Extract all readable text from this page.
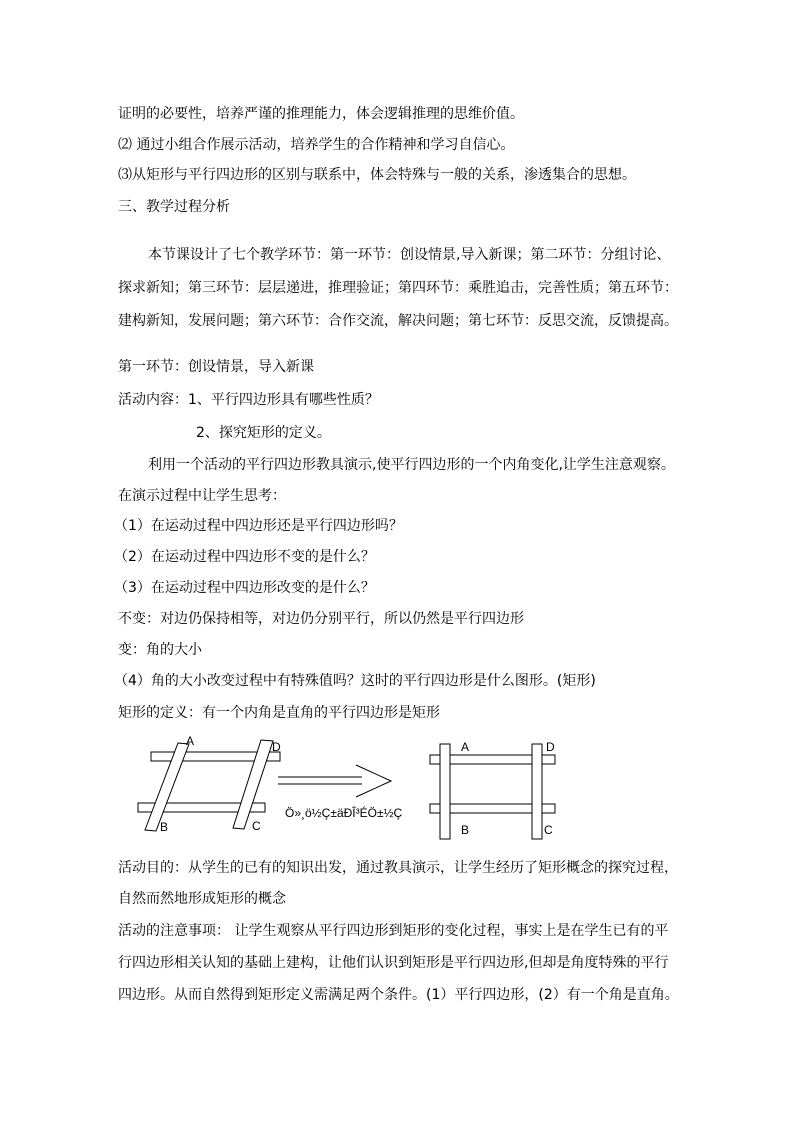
证明的必要性，培养严谨的推理能力，体会逻辑推理的思维价值。
⑵ 通过小组合作展示活动，培养学生的合作精神和学习自信心。
⑶从矩形与平行四边形的区别与联系中，体会特殊与一般的关系，渗透集合的思想。
三、教学过程分析
本节课设计了七个教学环节：第一环节：创设情景,导入新课；第二环节：分组讨论、
探求新知；第三环节：层层递进，推理验证；第四环节：乘胜追击，完善性质；第五环节：
建构新知，发展问题；第六环节：合作交流，解决问题；第七环节：反思交流，反馈提高。
第一环节：创设情景，导入新课
活动内容：1、平行四边形具有哪些性质？
2、探究矩形的定义。
利用一个活动的平行四边形教具演示,使平行四边形的一个内角变化,让学生注意观察。
在演示过程中让学生思考：
（1）在运动过程中四边形还是平行四边形吗？
（2）在运动过程中四边形不变的是什么？
（3）在运动过程中四边形改变的是什么？
不变：对边仍保持相等，对边仍分别平行，所以仍然是平行四边形
变：角的大小
（4）角的大小改变过程中有特殊值吗？这时的平行四边形是什么图形。(矩形)
矩形的定义：有一个内角是直角的平行四边形是矩形
A	D
B	C
A	D
B	C
Ö»¸ö½Ç±äÐÎ³ÉÖ±½Ç
活动目的：从学生的已有的知识出发，通过教具演示，让学生经历了矩形概念的探究过程，
自然而然地形成矩形的概念
活动的注意事项： 让学生观察从平行四边形到矩形的变化过程，事实上是在学生已有的平
行四边形相关认知的基础上建构，让他们认识到矩形是平行四边形,但却是角度特殊的平行
四边形。从而自然得到矩形定义需满足两个条件。(1）平行四边形，(2）有一个角是直角。
